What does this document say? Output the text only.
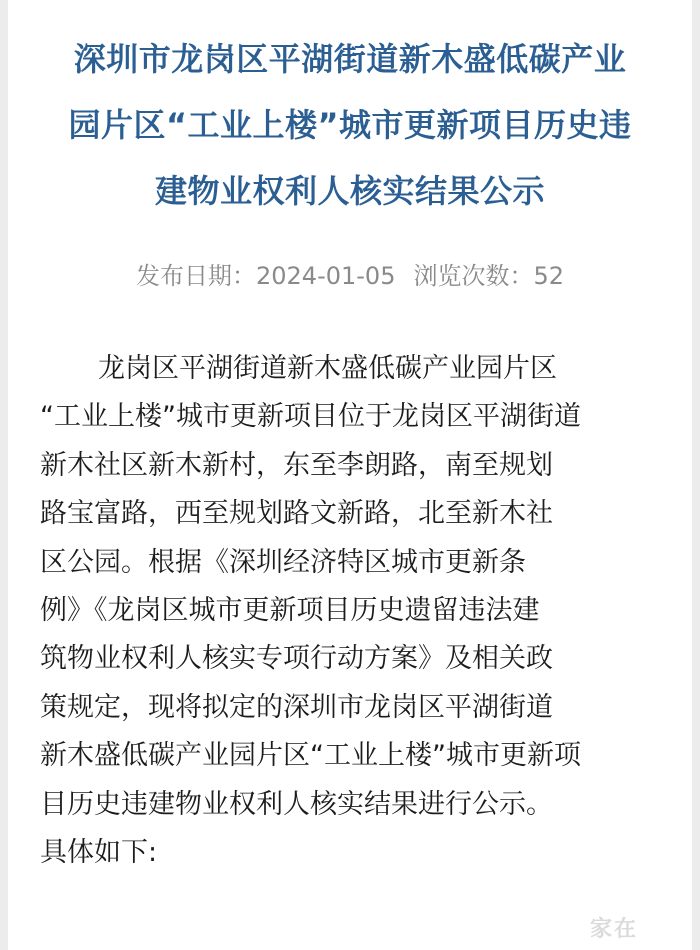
深圳市龙岗区平湖街道新木盛低碳产业
园片区“工业上楼”城市更新项目历史违
建物业权利人核实结果公示
发布日期：2024-01-05 浏览次数：52
龙岗区平湖街道新木盛低碳产业园片区
“工业上楼”城市更新项目位于龙岗区平湖街道
新木社区新木新村，东至李朗路，南至规划
路宝富路，西至规划路文新路，北至新木社
区公园。根据《深圳经济特区城市更新条
例》《龙岗区城市更新项目历史遗留违法建
筑物业权利人核实专项行动方案》及相关政
策规定，现将拟定的深圳市龙岗区平湖街道
新木盛低碳产业园片区“工业上楼”城市更新项
目历史违建物业权利人核实结果进行公示。
具体如下:
家在
